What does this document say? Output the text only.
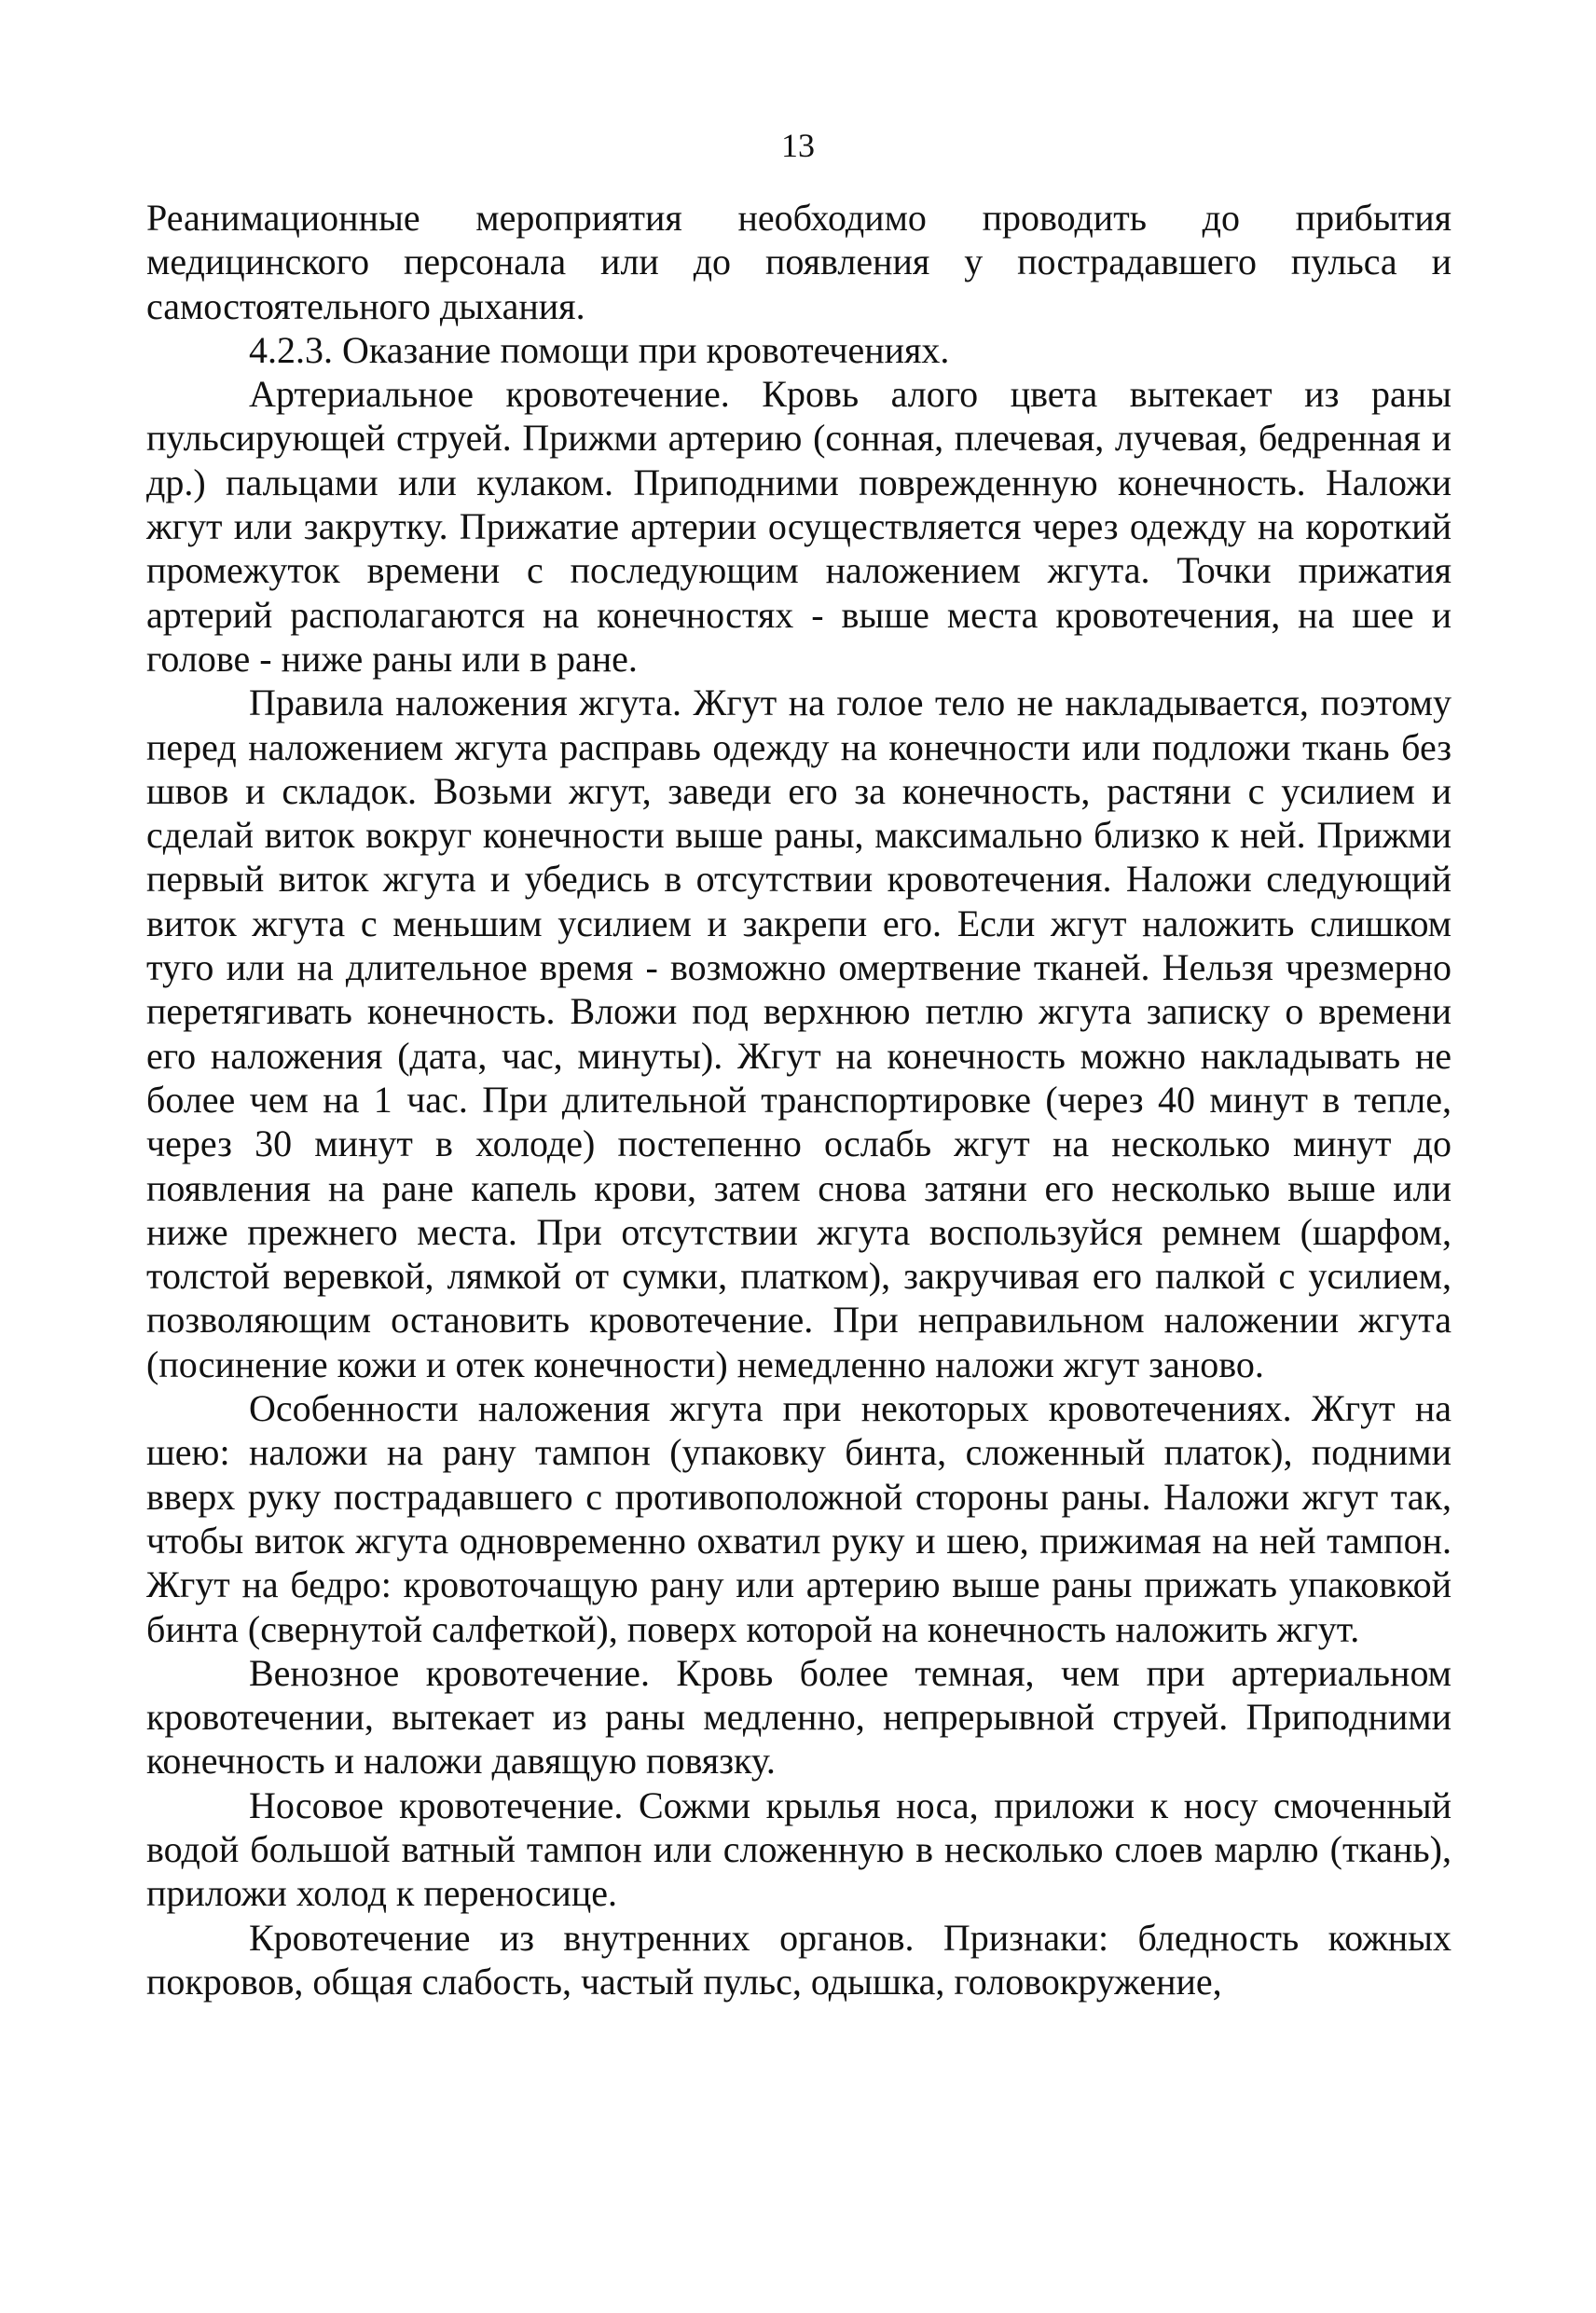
13

Реанимационные мероприятия необходимо проводить до прибытия медицинского персонала или до появления у пострадавшего пульса и самостоятельного дыхания.

4.2.3. Оказание помощи при кровотечениях.

Артериальное кровотечение. Кровь алого цвета вытекает из раны пульсирующей струей. Прижми артерию (сонная, плечевая, лучевая, бедренная и др.) пальцами или кулаком. Приподними поврежденную конечность. Наложи жгут или закрутку. Прижатие артерии осуществляется через одежду на короткий промежуток времени с последующим наложением жгута. Точки прижатия артерий располагаются на конечностях - выше места кровотечения, на шее и голове - ниже раны или в ране.

Правила наложения жгута. Жгут на голое тело не накладывается, поэтому перед наложением жгута расправь одежду на конечности или подложи ткань без швов и складок. Возьми жгут, заведи его за конечность, растяни с усилием и сделай виток вокруг конечности выше раны, максимально близко к ней. Прижми первый виток жгута и убедись в отсутствии кровотечения. Наложи следующий виток жгута с меньшим усилием и закрепи его. Если жгут наложить слишком туго или на длительное время - возможно омертвение тканей. Нельзя чрезмерно перетягивать конечность. Вложи под верхнюю петлю жгута записку о времени его наложения (дата, час, минуты). Жгут на конечность можно накладывать не более чем на 1 час. При длительной транспортировке (через 40 минут в тепле, через 30 минут в холоде) постепенно ослабь жгут на несколько минут до появления на ране капель крови, затем снова затяни его несколько выше или ниже прежнего места. При отсутствии жгута воспользуйся ремнем (шарфом, толстой веревкой, лямкой от сумки, платком), закручивая его палкой с усилием, позволяющим остановить кровотечение. При неправильном наложении жгута (посинение кожи и отек конечности) немедленно наложи жгут заново.

Особенности наложения жгута при некоторых кровотечениях. Жгут на шею: наложи на рану тампон (упаковку бинта, сложенный платок), подними вверх руку пострадавшего с противоположной стороны раны. Наложи жгут так, чтобы виток жгута одновременно охватил руку и шею, прижимая на ней тампон. Жгут на бедро: кровоточащую рану или артерию выше раны прижать упаковкой бинта (свернутой салфеткой), поверх которой на конечность наложить жгут.

Венозное кровотечение. Кровь более темная, чем при артериальном кровотечении, вытекает из раны медленно, непрерывной струей. Приподними конечность и наложи давящую повязку.

Носовое кровотечение. Сожми крылья носа, приложи к носу смоченный водой большой ватный тампон или сложенную в несколько слоев марлю (ткань), приложи холод к переносице.

Кровотечение из внутренних органов. Признаки: бледность кожных покровов, общая слабость, частый пульс, одышка, головокружение,
